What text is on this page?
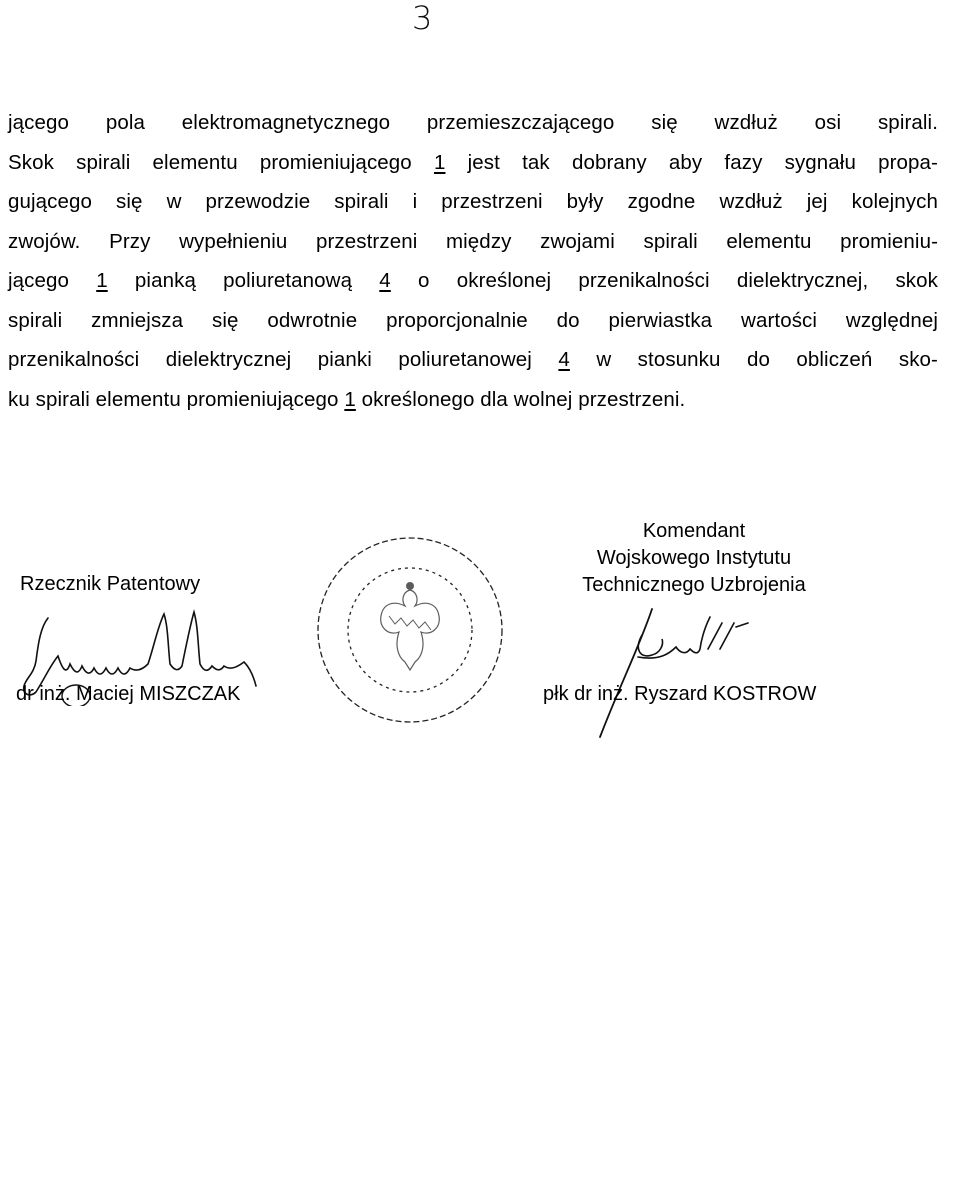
3
jącego pola elektromagnetycznego przemieszczającego się wzdłuż osi spirali.
Skok spirali elementu promieniującego 1 jest tak dobrany aby fazy sygnału propa-
gującego się w przewodzie spirali i przestrzeni były zgodne wzdłuż jej kolejnych
zwojów. Przy wypełnieniu przestrzeni między zwojami spirali elementu promieniu-
jącego 1 pianką poliuretanową 4 o określonej przenikalności dielektrycznej, skok
spirali zmniejsza się odwrotnie proporcjonalnie do pierwiastka wartości względnej
przenikalności dielektrycznej pianki poliuretanowej 4 w stosunku do obliczeń sko-
ku spirali elementu promieniującego 1 określonego dla wolnej przestrzeni.
Rzecznik Patentowy
dr inż. Maciej MISZCZAK
Komendant
Wojskowego Instytutu
Technicznego Uzbrojenia
płk dr inż. Ryszard KOSTROW
